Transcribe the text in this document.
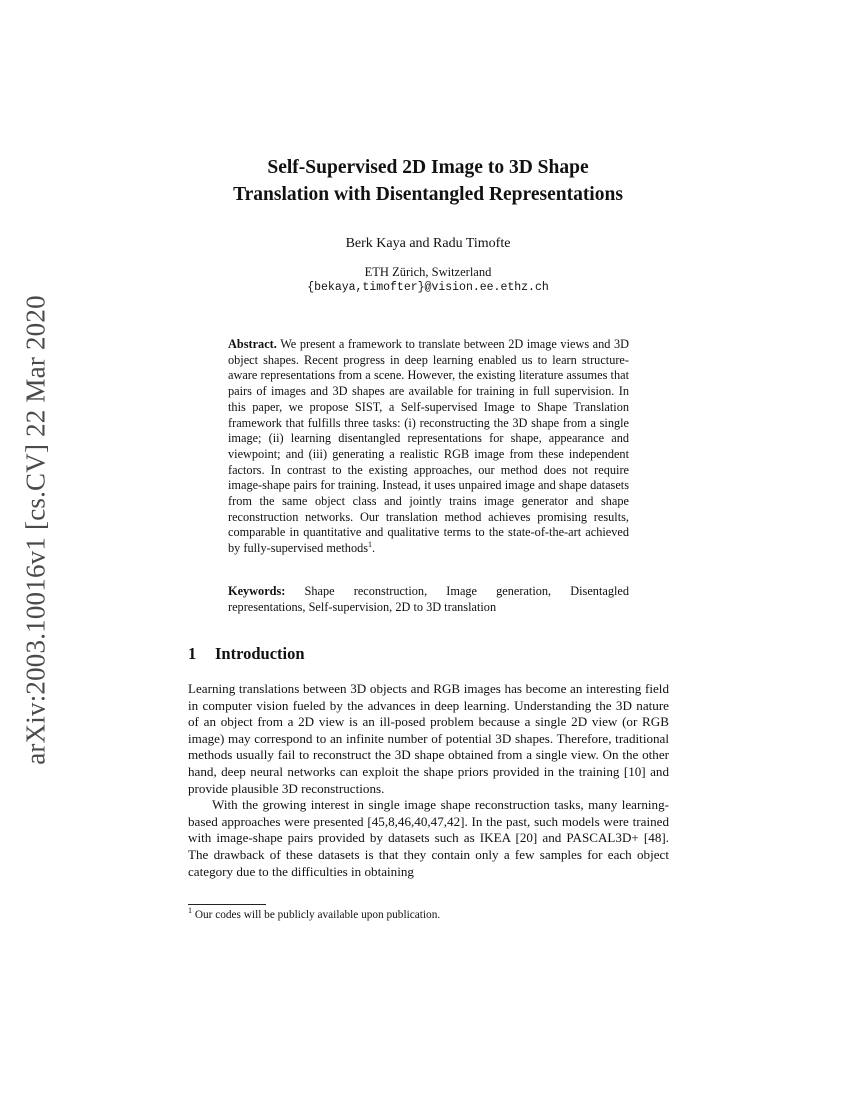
arXiv:2003.10016v1 [cs.CV] 22 Mar 2020
Self-Supervised 2D Image to 3D Shape
Translation with Disentangled Representations
Berk Kaya and Radu Timofte
ETH Zürich, Switzerland
{bekaya,timofter}@vision.ee.ethz.ch
Abstract. We present a framework to translate between 2D image views and 3D object shapes. Recent progress in deep learning enabled us to learn structure-aware representations from a scene. However, the existing literature assumes that pairs of images and 3D shapes are available for training in full supervision. In this paper, we propose SIST, a Self-supervised Image to Shape Translation framework that fulfills three tasks: (i) reconstructing the 3D shape from a single image; (ii) learning disentangled representations for shape, appearance and viewpoint; and (iii) generating a realistic RGB image from these independent factors. In contrast to the existing approaches, our method does not require image-shape pairs for training. Instead, it uses unpaired image and shape datasets from the same object class and jointly trains image generator and shape reconstruction networks. Our translation method achieves promising results, comparable in quantitative and qualitative terms to the state-of-the-art achieved by fully-supervised methods$^1$.
Keywords: Shape reconstruction, Image generation, Disentagled representations, Self-supervision, 2D to 3D translation
1 Introduction

Learning translations between 3D objects and RGB images has become an interesting field in computer vision fueled by the advances in deep learning. Understanding the 3D nature of an object from a 2D view is an ill-posed problem because a single 2D view (or RGB image) may correspond to an infinite number of potential 3D shapes. Therefore, traditional methods usually fail to reconstruct the 3D shape obtained from a single view. On the other hand, deep neural networks can exploit the shape priors provided in the training [10] and provide plausible 3D reconstructions.

With the growing interest in single image shape reconstruction tasks, many learning-based approaches were presented [45,8,46,40,47,42]. In the past, such models were trained with image-shape pairs provided by datasets such as IKEA [20] and PASCAL3D+ [48]. The drawback of these datasets is that they contain only a few samples for each object category due to the difficulties in obtaining

$^1$ Our codes will be publicly available upon publication.
